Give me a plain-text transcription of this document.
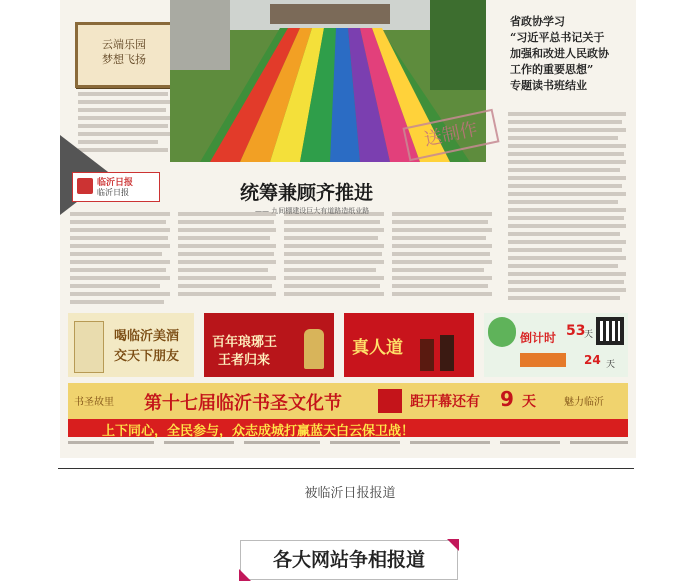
云端乐园
梦想飞扬
送制作
省政协学习
“习近平总书记关于
加强和改进人民政协
工作的重要思想”
专题读书班结业
统筹兼顾齐推进
—— 九间棚建设巨大有道路造纸业路
临沂日报
临沂日报
喝临沂美酒
交天下朋友
百年琅琊王
王者归来
真人道	倒计时 53
天
24 天
书圣故里 第十七届临沂书圣文化节	距开幕还有 9 天	魅力临沂
上下同心，全民参与，众志成城打赢蓝天白云保卫战！
被临沂日报报道
各大网站争相报道
